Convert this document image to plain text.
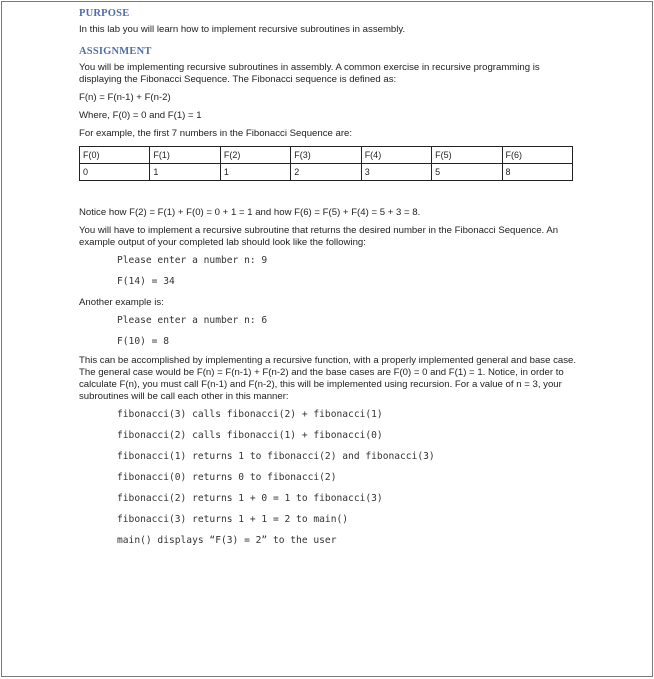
PURPOSE

In this lab you will learn how to implement recursive subroutines in assembly.

ASSIGNMENT

You will be implementing recursive subroutines in assembly. A common exercise in recursive programming is displaying the Fibonacci Sequence. The Fibonacci sequence is defined as:

F(n) = F(n-1) + F(n-2)

Where, F(0) = 0 and F(1) = 1

For example, the first 7 numbers in the Fibonacci Sequence are:

F(0)	F(1)	F(2)	F(3)	F(4)	F(5)	F(6)
0	1	1	2	3	5	8

Notice how F(2) = F(1) + F(0) = 0 + 1 = 1 and how F(6) = F(5) + F(4) = 5 + 3 = 8.

You will have to implement a recursive subroutine that returns the desired number in the Fibonacci Sequence. An example output of your completed lab should look like the following:

Please enter a number n: 9
F(14) = 34

Another example is:

Please enter a number n: 6
F(10) = 8

This can be accomplished by implementing a recursive function, with a properly implemented general and base case. The general case would be F(n) = F(n-1) + F(n-2) and the base cases are F(0) = 0 and F(1) = 1. Notice, in order to calculate F(n), you must call F(n-1) and F(n-2), this will be implemented using recursion. For a value of n = 3, your subroutines will be call each other in this manner:

fibonacci(3) calls fibonacci(2) + fibonacci(1)
fibonacci(2) calls fibonacci(1) + fibonacci(0)
fibonacci(1) returns 1 to fibonacci(2) and fibonacci(3)
fibonacci(0) returns 0 to fibonacci(2)
fibonacci(2) returns 1 + 0 = 1 to fibonacci(3)
fibonacci(3) returns 1 + 1 = 2 to main()
main() displays “F(3) = 2” to the user
